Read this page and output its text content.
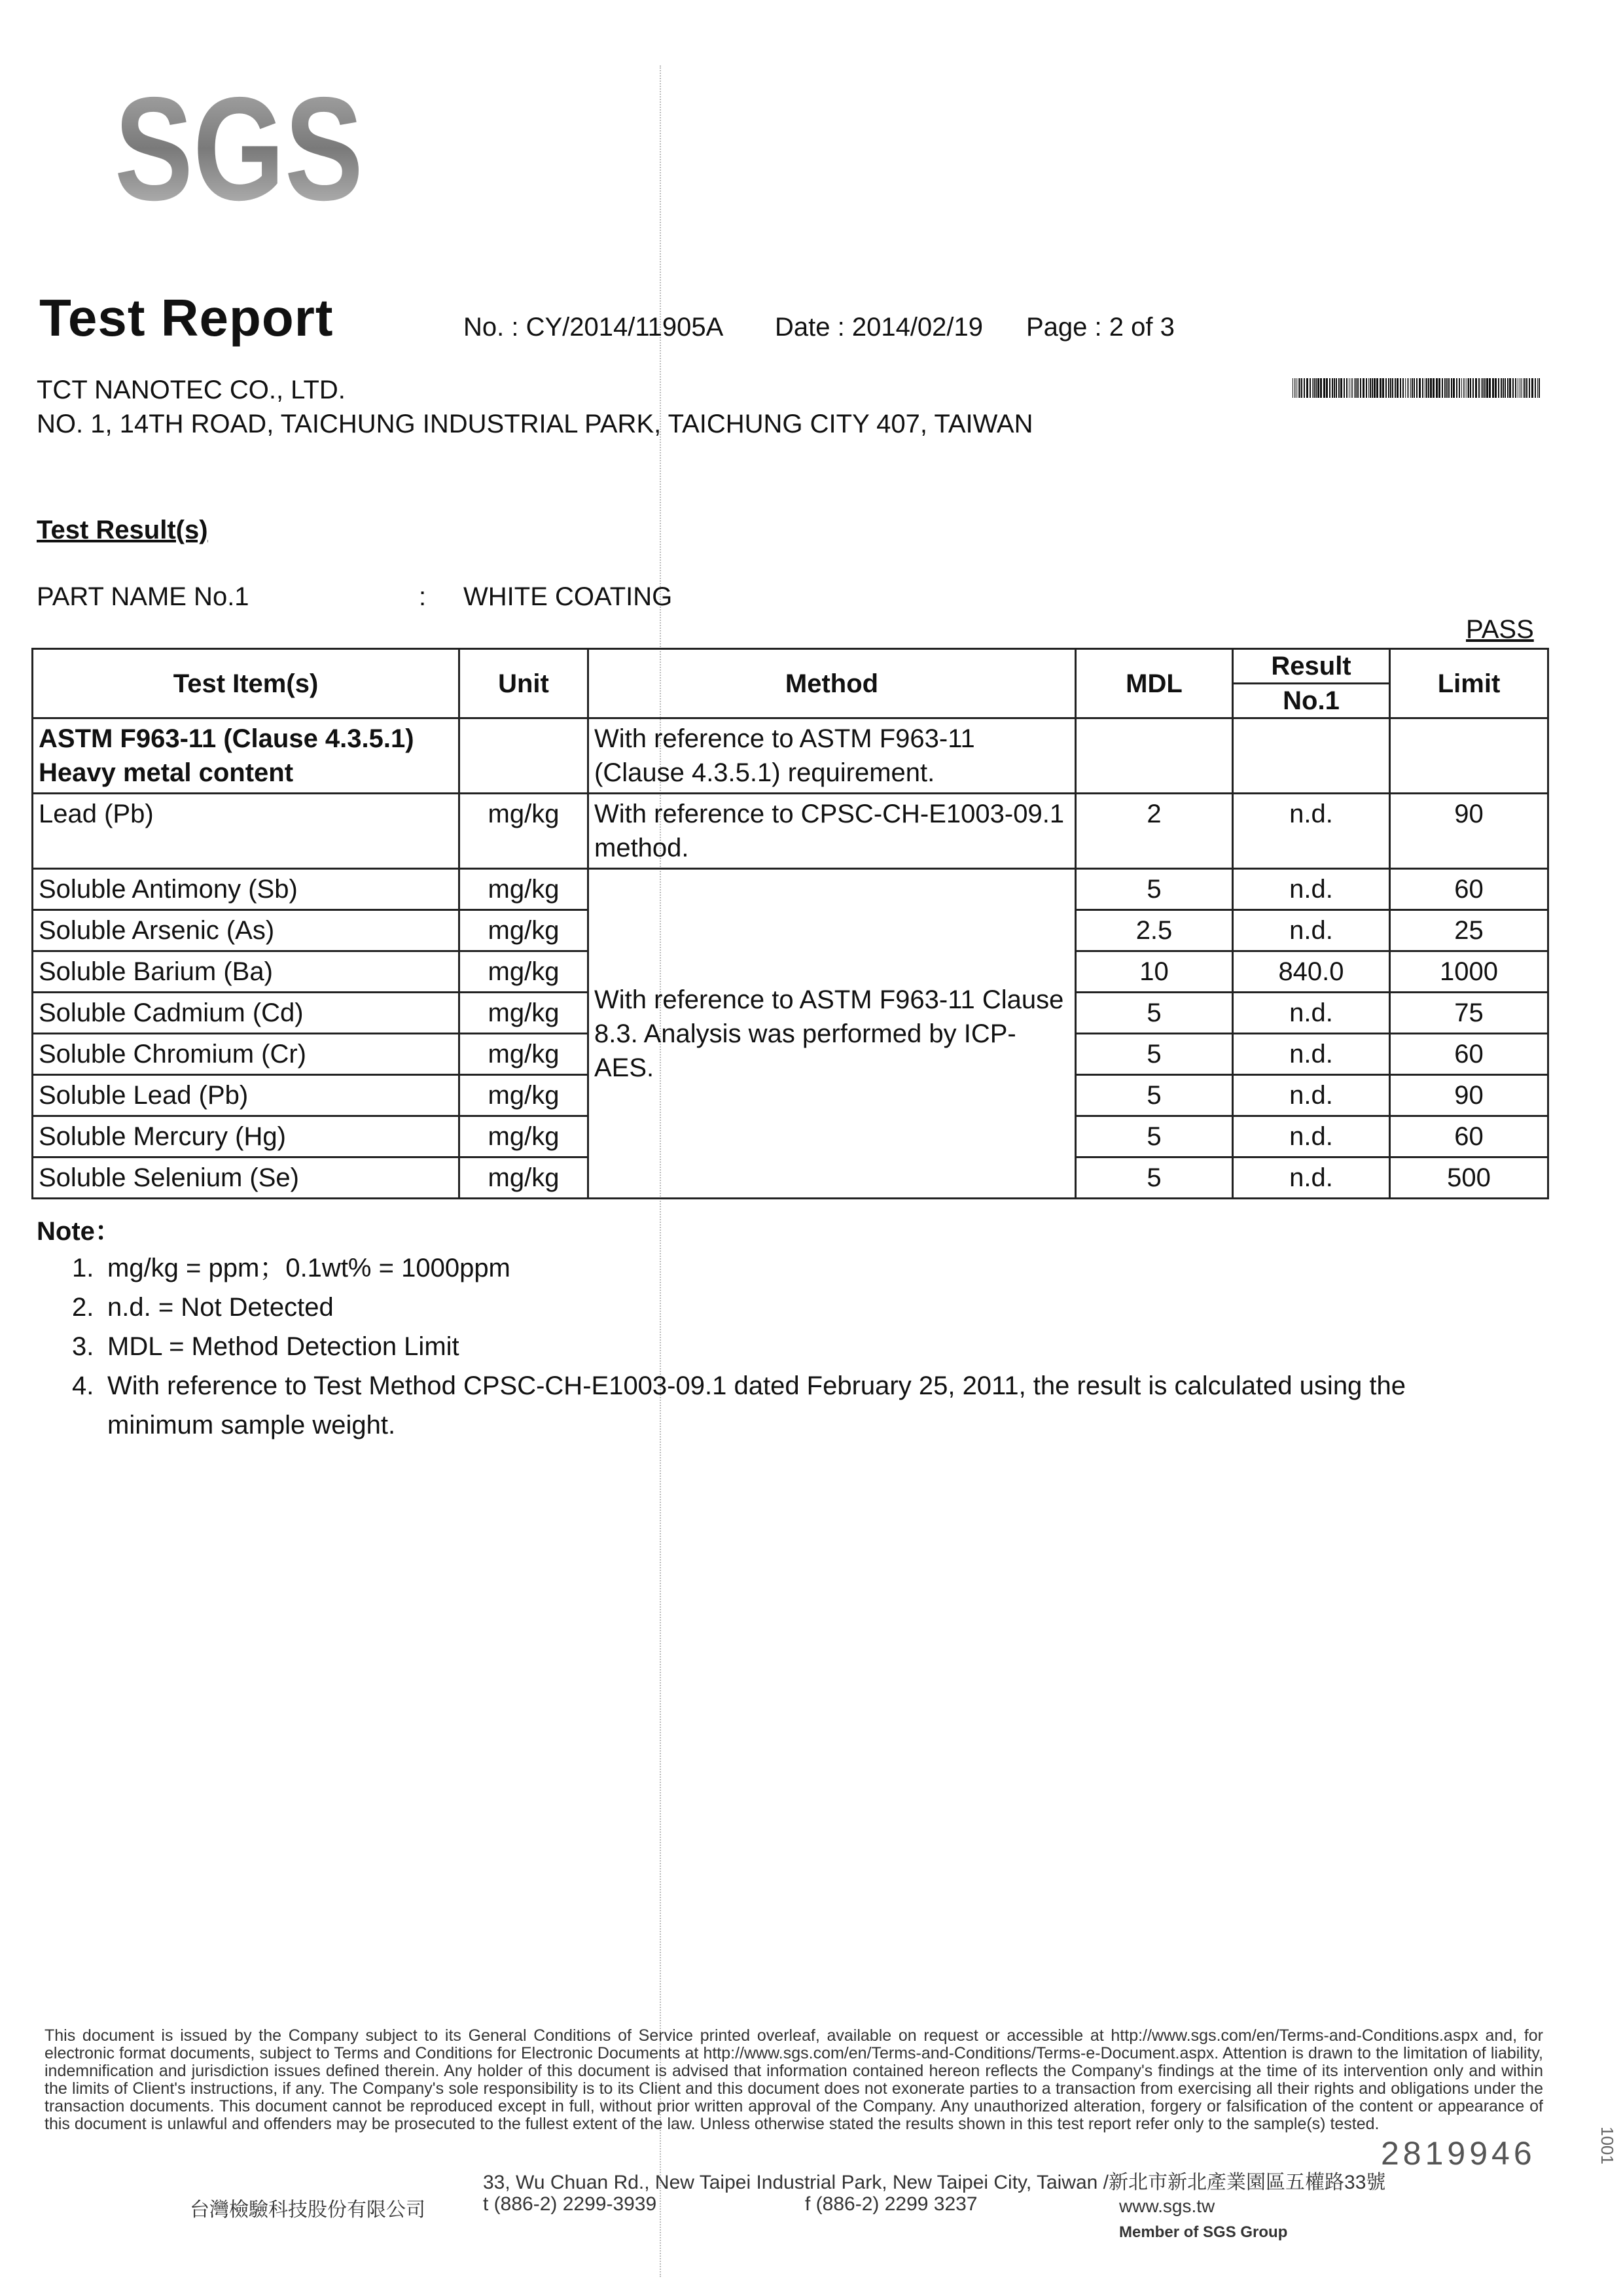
SGS
Test Report	No. : CY/2014/11905A Date : 2014/02/19 Page : 2 of 3
TCT NANOTEC CO., LTD.
NO. 1, 14TH ROAD, TAICHUNG INDUSTRIAL PARK, TAICHUNG CITY 407, TAIWAN
Test Result(s)
PART NAME No.1	: WHITE COATING
PASS
Test Item(s)	Unit	Method	MDL	Result	Limit
				No.1	

ASTM F963-11 (Clause 4.3.5.1)
Heavy metal content		With reference to ASTM F963-11 (Clause 4.3.5.1) requirement.			
Lead (Pb)	mg/kg	With reference to CPSC-CH-E1003-09.1 method.	2	n.d.	90
Soluble Antimony (Sb)	mg/kg	With reference to ASTM F963-11 Clause 8.3. Analysis was performed by ICP-AES.	5	n.d.	60
Soluble Arsenic (As)	mg/kg		2.5	n.d.	25
Soluble Barium (Ba)	mg/kg		10	840.0	1000
Soluble Cadmium (Cd)	mg/kg		5	n.d.	75
Soluble Chromium (Cr)	mg/kg		5	n.d.	60
Soluble Lead (Pb)	mg/kg		5	n.d.	90
Soluble Mercury (Hg)	mg/kg		5	n.d.	60
Soluble Selenium (Se)	mg/kg		5	n.d.	500
Note：
1. mg/kg = ppm；0.1wt% = 1000ppm
2. n.d. = Not Detected
3. MDL = Method Detection Limit
4. With reference to Test Method CPSC-CH-E1003-09.1 dated February 25, 2011, the result is calculated using the minimum sample weight.
This document is issued by the Company subject to its General Conditions of Service printed overleaf, available on request or accessible at http://www.sgs.com/en/Terms-and-Conditions.aspx and, for electronic format documents, subject to Terms and Conditions for Electronic Documents at http://www.sgs.com/en/Terms-and-Conditions/Terms-e-Document.aspx. Attention is drawn to the limitation of liability, indemnification and jurisdiction issues defined therein. Any holder of this document is advised that information contained hereon reflects the Company's findings at the time of its intervention only and within the limits of Client's instructions, if any. The Company's sole responsibility is to its Client and this document does not exonerate parties to a transaction from exercising all their rights and obligations under the transaction documents. This document cannot be reproduced except in full, without prior written approval of the Company. Any unauthorized alteration, forgery or falsification of the content or appearance of this document is unlawful and offenders may be prosecuted to the fullest extent of the law. Unless otherwise stated the results shown in this test report refer only to the sample(s) tested.
2819946	1001
台灣檢驗科技股份有限公司
33, Wu Chuan Rd., New Taipei Industrial Park, New Taipei City, Taiwan /新北市新北產業園區五權路33號
t (886-2) 2299-3939	f (886-2) 2299 3237	www.sgs.tw
Member of SGS Group
